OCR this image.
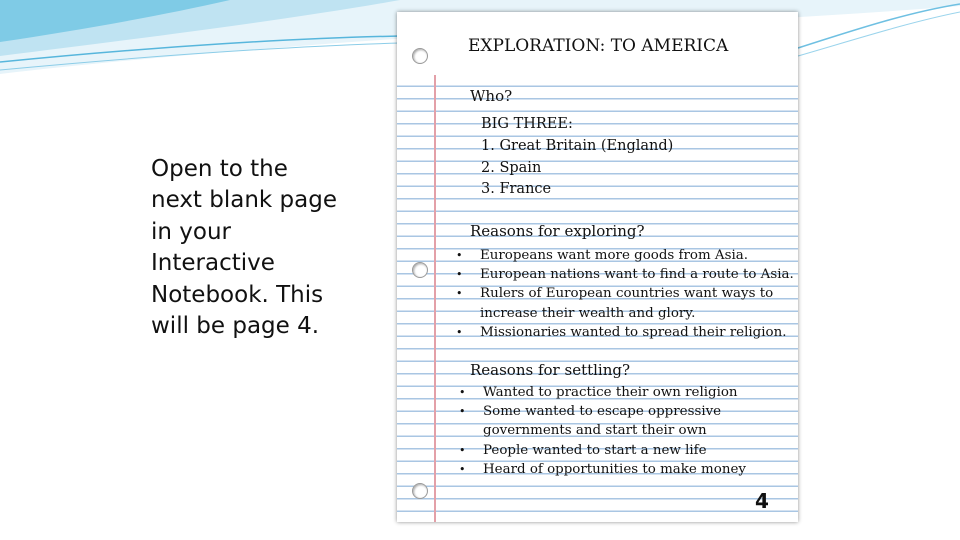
Open to the
next blank page
in your
Interactive
Notebook. This
will be page 4.
EXPLORATION: TO AMERICA
Who?
BIG THREE:
1. Great Britain (England)
2. Spain
3. France
Reasons for exploring?
• Europeans want more goods from Asia.
• European nations want to find a route to Asia.
• Rulers of European countries want ways to
increase their wealth and glory.
• Missionaries wanted to spread their religion.
Reasons for settling?
• Wanted to practice their own religion
• Some wanted to escape oppressive
governments and start their own
• People wanted to start a new life
• Heard of opportunities to make money
4
